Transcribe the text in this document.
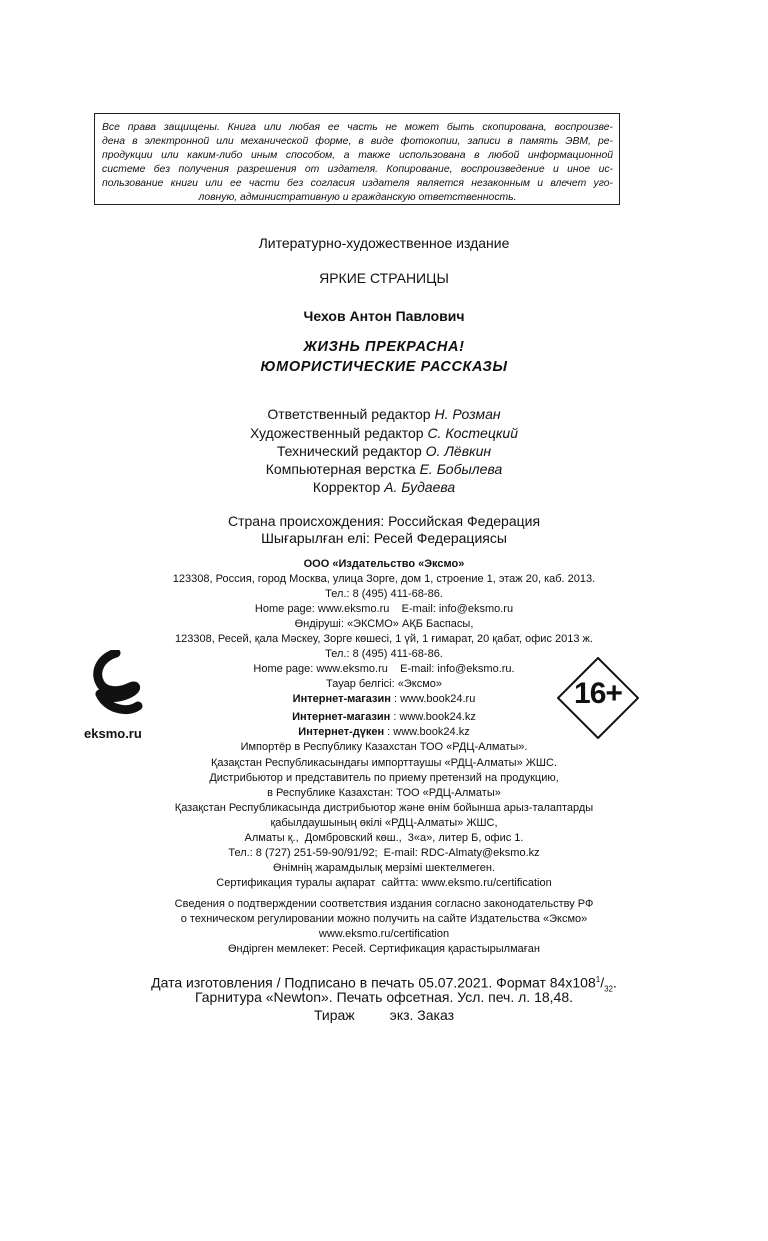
Все права защищены. Книга или любая ее часть не может быть скопирована, воспроизве-
дена в электронной или механической форме, в виде фотокопии, записи в память ЭВМ, ре-
продукции или каким-либо иным способом, а также использована в любой информационной
системе без получения разрешения от издателя. Копирование, воспроизведение и иное ис-
пользование книги или ее части без согласия издателя является незаконным и влечет уго-
ловную, административную и гражданскую ответственность.
Литературно-художественное издание
ЯРКИЕ СТРАНИЦЫ
Чехов Антон Павлович
ЖИЗНЬ ПРЕКРАСНА!
ЮМОРИСТИЧЕСКИЕ РАССКАЗЫ
Ответственный редактор Н. Розман
Художественный редактор С. Костецкий
Технический редактор О. Лёвкин
Компьютерная верстка Е. Бобылева
Корректор А. Будаева
Страна происхождения: Российская Федерация
Шығарылған елі: Ресей Федерациясы
ООО «Издательство «Эксмо»
123308, Россия, город Москва, улица Зорге, дом 1, строение 1, этаж 20, каб. 2013.
Тел.: 8 (495) 411-68-86.
Home page: www.eksmo.ru    E-mail: info@eksmo.ru
Өндіруші: «ЭКСМО» АҚБ Баспасы,
123308, Ресей, қала Мәскеу, Зорге көшесі, 1 үй, 1 ғимарат, 20 қабат, офис 2013 ж.
Тел.: 8 (495) 411-68-86.
Home page: www.eksmo.ru    E-mail: info@eksmo.ru.
Тауар белгісі: «Эксмо»
Интернет-магазин : www.book24.ru
eksmo.ru
16+
Интернет-магазин : www.book24.kz
Интернет-дүкен : www.book24.kz
Импортёр в Республику Казахстан ТОО «РДЦ-Алматы».
Қазақстан Республикасындағы импорттаушы «РДЦ-Алматы» ЖШС.
Дистрибьютор и представитель по приему претензий на продукцию,
в Республике Казахстан: ТОО «РДЦ-Алматы»
Қазақстан Республикасында дистрибьютор және өнім бойынша арыз-талаптарды
қабылдаушының өкілі «РДЦ-Алматы» ЖШС,
Алматы қ.,  Домбровский көш.,  3«а», литер Б, офис 1.
Тел.: 8 (727) 251-59-90/91/92;  E-mail: RDC-Almaty@eksmo.kz
Өнімнің жарамдылық мерзімі шектелмеген.
Сертификация туралы ақпарат  сайтта: www.eksmo.ru/certification
Сведения о подтверждении соответствия издания согласно законодательству РФ
о техническом регулировании можно получить на сайте Издательства «Эксмо»
www.eksmo.ru/certification
Өндірген мемлекет: Ресей. Сертификация қарастырылмаған
Дата изготовления / Подписано в печать 05.07.2021. Формат $84x108^1/_{32}$.
Гарнитура «Newton». Печать офсетная. Усл. печ. л. 18,48.
Тираж         экз. Заказ
